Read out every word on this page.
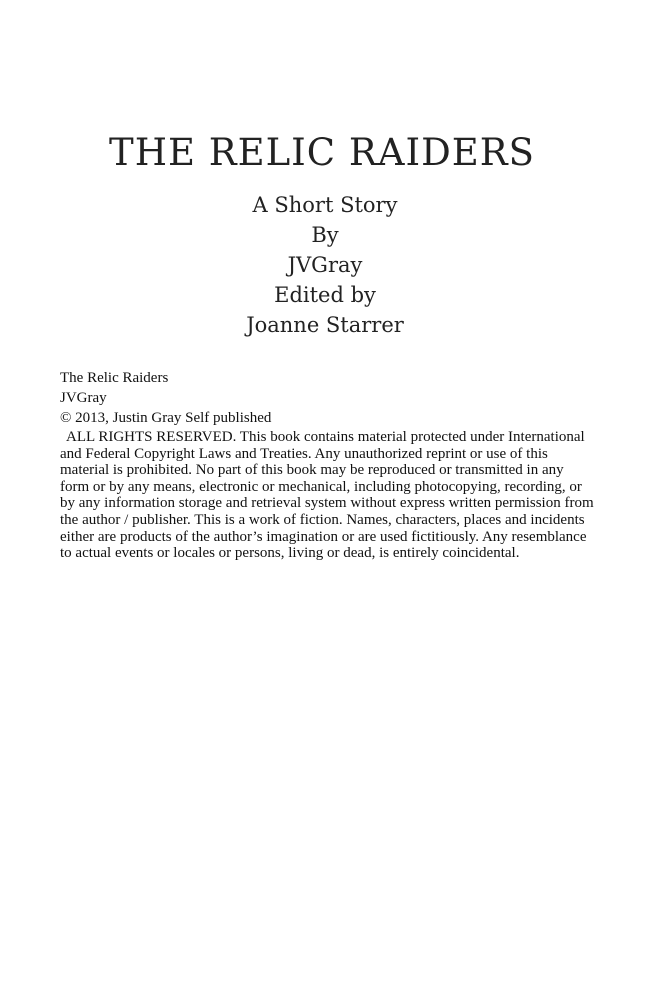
THE RELIC RAIDERS
A Short Story
By
JVGray
Edited by
Joanne Starrer
The Relic Raiders
JVGray
© 2013, Justin Gray Self published
ALL RIGHTS RESERVED. This book contains material protected under International and Federal Copyright Laws and Treaties. Any unauthorized reprint or use of this material is prohibited. No part of this book may be reproduced or transmitted in any form or by any means, electronic or mechanical, including photocopying, recording, or by any information storage and retrieval system without express written permission from the author / publisher. This is a work of fiction. Names, characters, places and incidents either are products of the author’s imagination or are used fictitiously. Any resemblance to actual events or locales or persons, living or dead, is entirely coincidental.
